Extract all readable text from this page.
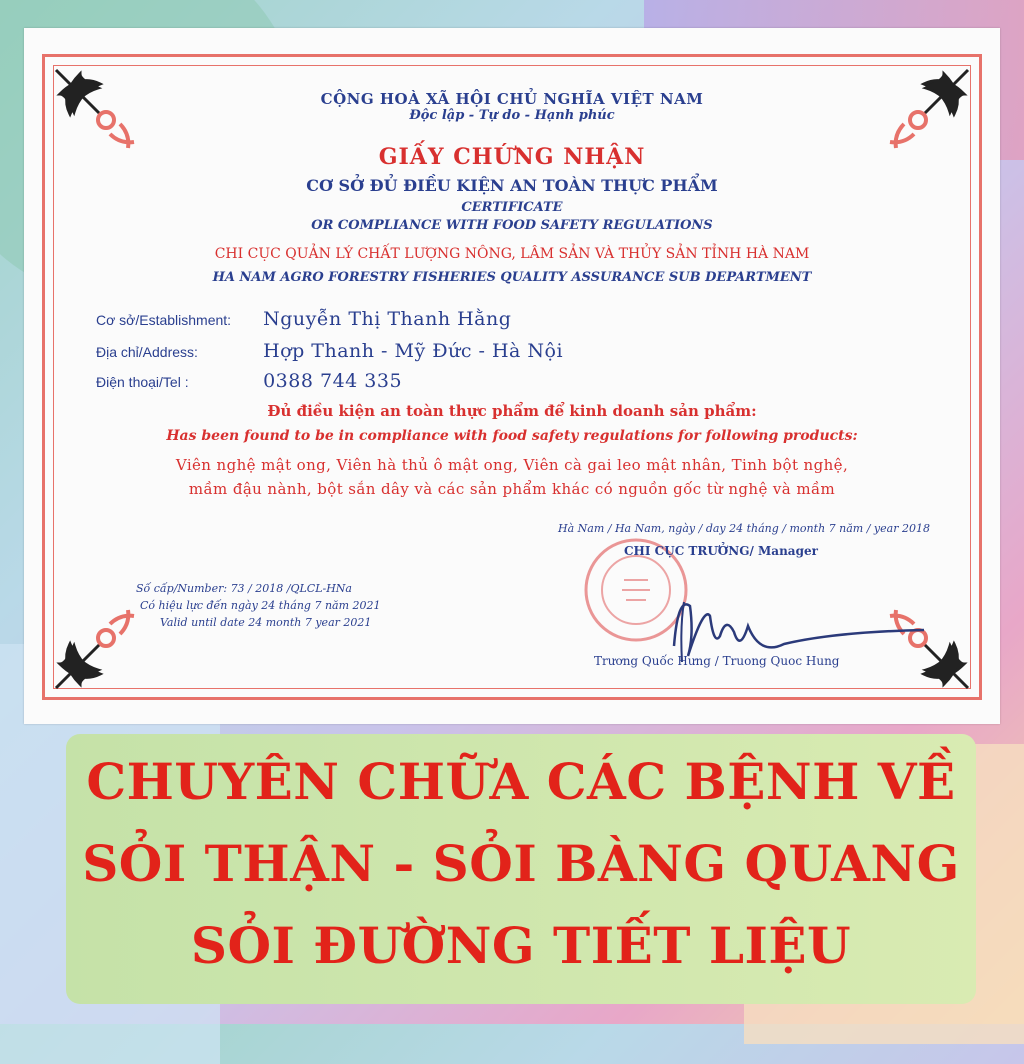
CỘNG HOÀ XÃ HỘI CHỦ NGHĨA VIỆT NAM
Độc lập - Tự do - Hạnh phúc
GIẤY CHỨNG NHẬN
CƠ SỞ ĐỦ ĐIỀU KIỆN AN TOÀN THỰC PHẨM
CERTIFICATE
OR COMPLIANCE WITH FOOD SAFETY REGULATIONS
CHI CỤC QUẢN LÝ CHẤT LƯỢNG NÔNG, LÂM SẢN VÀ THỦY SẢN TỈNH HÀ NAM
HA NAM AGRO FORESTRY FISHERIES QUALITY ASSURANCE SUB DEPARTMENT
Cơ sở/Establishment: Nguyễn Thị Thanh Hằng
Địa chỉ/Address:	Hợp Thanh - Mỹ Đức - Hà Nội
Điện thoại/Tel :	0388 744 335
Đủ điều kiện an toàn thực phẩm để kinh doanh sản phẩm:
Has been found to be in compliance with food safety regulations for following products:
Viên nghệ mật ong, Viên hà thủ ô mật ong, Viên cà gai leo mật nhân, Tinh bột nghệ,
mầm đậu nành, bột sắn dây và các sản phẩm khác có nguồn gốc từ nghệ và mầm
Hà Nam / Ha Nam, ngày / day 24 tháng / month 7 năm / year 2018
CHI CỤC TRƯỞNG/ Manager
Trương Quốc Hưng / Truong Quoc Hung
Số cấp/Number: 73 / 2018 /QLCL-HNa
Có hiệu lực đến ngày 24 tháng 7 năm 2021
Valid until date 24 month 7 year 2021
CHUYÊN CHỮA CÁC BỆNH VỀ
SỎI THẬN - SỎI BÀNG QUANG
SỎI ĐƯỜNG TIẾT LIỆU
